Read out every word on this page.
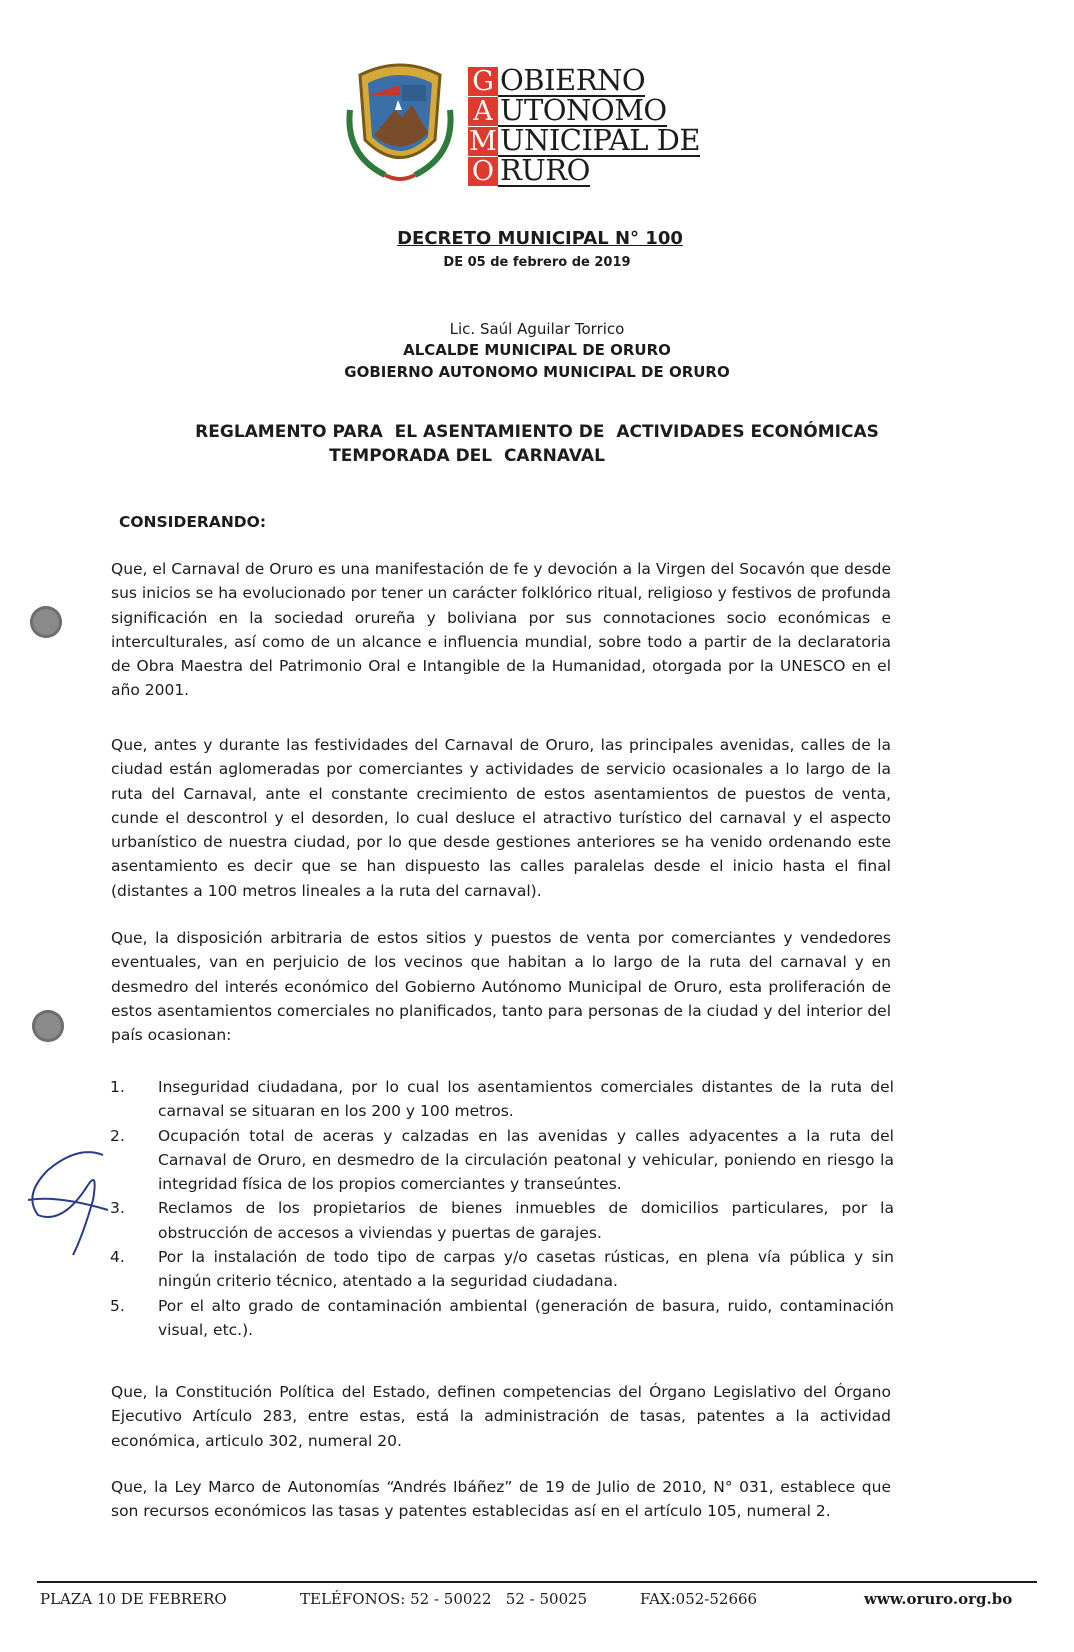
G OBIERNO
A UTONOMO
M UNICIPAL DE
O RURO
DECRETO MUNICIPAL N° 100
DE 05 de febrero de 2019
Lic. Saúl Aguilar Torrico
ALCALDE MUNICIPAL DE ORURO
GOBIERNO AUTONOMO MUNICIPAL DE ORURO
REGLAMENTO PARA  EL ASENTAMIENTO DE  ACTIVIDADES ECONÓMICAS
TEMPORADA DEL  CARNAVAL
CONSIDERANDO:
Que, el Carnaval de Oruro es una manifestación de fe y devoción a la Virgen del Socavón que desde sus inicios se ha evolucionado por tener un carácter folklórico ritual, religioso y festivos de profunda significación en la sociedad orureña y boliviana por sus connotaciones socio económicas e interculturales, así como de un alcance e influencia mundial, sobre todo a partir de la declaratoria de Obra Maestra del Patrimonio Oral e Intangible de la Humanidad, otorgada por la UNESCO en el año 2001.
Que, antes y durante las festividades del Carnaval de Oruro, las principales avenidas, calles de la ciudad están aglomeradas por comerciantes y actividades de servicio ocasionales a lo largo de la ruta del Carnaval, ante el constante crecimiento de estos asentamientos de puestos de venta, cunde el descontrol y el desorden, lo cual desluce el atractivo turístico del carnaval y el aspecto urbanístico de nuestra ciudad, por lo que desde gestiones anteriores se ha venido ordenando este asentamiento es decir que se han dispuesto las calles paralelas desde el inicio hasta el final (distantes a 100 metros lineales a la ruta del carnaval).
Que, la disposición arbitraria de estos sitios y puestos de venta por comerciantes y vendedores eventuales, van en perjuicio de los vecinos que habitan a lo largo de la ruta del carnaval y en desmedro del interés económico del Gobierno Autónomo Municipal de Oruro, esta proliferación de estos asentamientos comerciales no planificados, tanto para personas de la ciudad y del interior del país ocasionan:
1.	Inseguridad ciudadana, por lo cual los asentamientos comerciales distantes de la ruta del carnaval se situaran en los 200 y 100 metros.
2.	Ocupación total de aceras y calzadas en las avenidas y calles adyacentes a la ruta del Carnaval de Oruro, en desmedro de la circulación peatonal y vehicular, poniendo en riesgo la integridad física de los propios comerciantes y transeúntes.
3.	Reclamos de los propietarios de bienes inmuebles de domicilios particulares, por la obstrucción de accesos a viviendas y puertas de garajes.
4.	Por la instalación de todo tipo de carpas y/o casetas rústicas, en plena vía pública y sin ningún criterio técnico, atentado a la seguridad ciudadana.
5.	Por el alto grado de contaminación ambiental (generación de basura, ruido, contaminación visual, etc.).
Que, la Constitución Política del Estado, definen competencias del Órgano Legislativo del Órgano Ejecutivo Artículo 283, entre estas, está la administración de tasas, patentes a la actividad económica, articulo 302, numeral 20.
Que, la Ley Marco de Autonomías “Andrés Ibáñez” de 19 de Julio de 2010, N° 031, establece que son recursos económicos las tasas y patentes establecidas así en el artículo 105, numeral 2.
PLAZA 10 DE FEBRERO	TELÉFONOS: 52 - 50022   52 - 50025	FAX:052-52666	www.oruro.org.bo
